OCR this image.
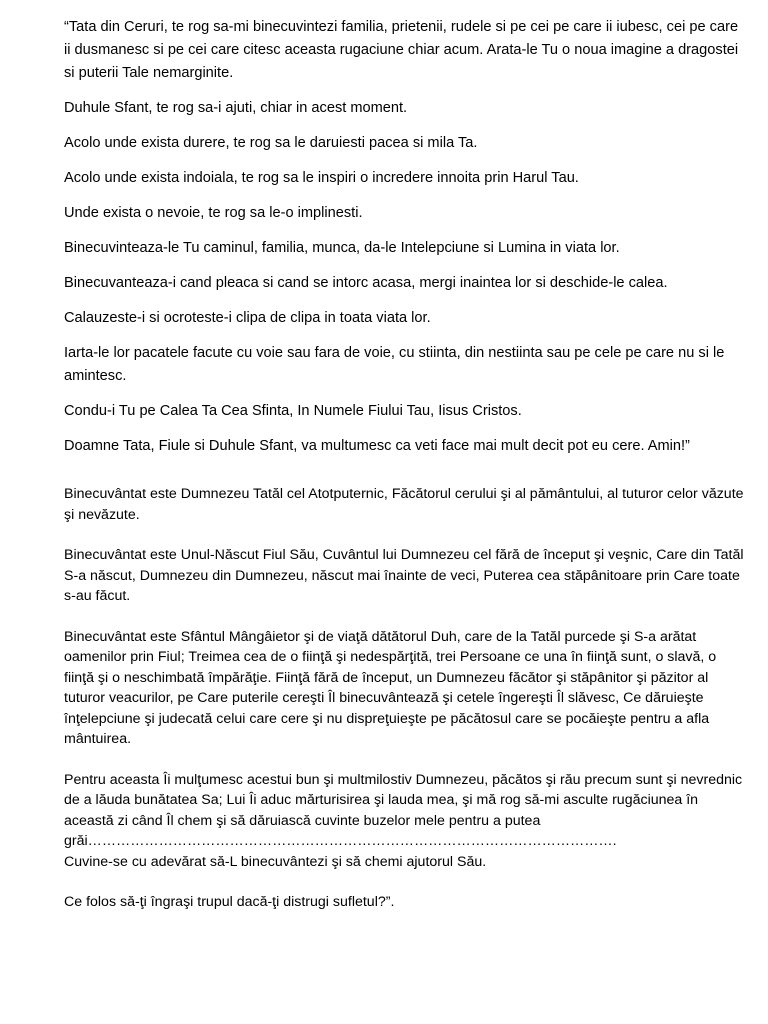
“Tata din Ceruri, te rog sa-mi binecuvintezi familia, prietenii, rudele si pe cei pe care ii iubesc, cei pe care ii dusmanesc si pe cei care citesc aceasta rugaciune chiar acum. Arata-le Tu o noua imagine a dragostei si puterii Tale nemarginite.

Duhule Sfant, te rog sa-i ajuti, chiar in acest moment.

Acolo unde exista durere, te rog sa le daruiesti pacea si mila Ta.

Acolo unde exista indoiala, te rog sa le inspiri o incredere innoita prin Harul Tau.

Unde exista o nevoie, te rog sa le-o implinesti.

Binecuvinteaza-le Tu caminul, familia, munca, da-le Intelepciune si Lumina in viata lor.

Binecuvanteaza-i cand pleaca si cand se intorc acasa, mergi inaintea lor si deschide-le calea.

Calauzeste-i si ocroteste-i clipa de clipa in toata viata lor.

Iarta-le lor pacatele facute cu voie sau fara de voie, cu stiinta, din nestiinta sau pe cele pe care nu si le amintesc.

Condu-i Tu pe Calea Ta Cea Sfinta, In Numele Fiului Tau, Iisus Cristos.

Doamne Tata, Fiule si Duhule Sfant, va multumesc ca veti face mai mult decit pot eu cere. Amin!”

Binecuvântat este Dumnezeu Tatăl cel Atotputernic, Făcătorul cerului şi al pământului, al tuturor celor văzute şi nevăzute.

Binecuvântat este Unul-Născut Fiul Său, Cuvântul lui Dumnezeu cel fără de început şi veşnic, Care din Tatăl S-a născut, Dumnezeu din Dumnezeu, născut mai înainte de veci, Puterea cea stăpânitoare prin Care toate s-au făcut.

Binecuvântat este Sfântul Mângâietor şi de viaţă dătătorul Duh, care de la Tatăl purcede şi S-a arătat oamenilor prin Fiul; Treimea cea de o fiinţă şi nedespărţită, trei Persoane ce una în fiinţă sunt, o slavă, o fiinţă şi o neschimbată împărăţie. Fiinţă fără de început, un Dumnezeu făcător şi stăpânitor şi păzitor al tuturor veacurilor, pe Care puterile cereşti Îl binecuvântează şi cetele îngereşti Îl slăvesc, Ce dăruieşte înţelepciune şi judecată celui care cere şi nu dispreţuieşte pe păcătosul care se pocăieşte pentru a afla mântuirea.

Pentru aceasta Îi mulţumesc acestui bun şi multmilostiv Dumnezeu, păcătos şi rău precum sunt şi nevrednic de a lăuda bunătatea Sa; Lui Îi aduc mărturisirea şi lauda mea, şi mă rog să-mi asculte rugăciunea în această zi când Îl chem şi să dăruiască cuvinte buzelor mele pentru a putea grăi………………………………………………………………………………………………….

Cuvine-se cu adevărat să-L binecuvântezi şi să chemi ajutorul Său.

Ce folos să-ţi îngraşi trupul dacă-ţi distrugi sufletul?”.
